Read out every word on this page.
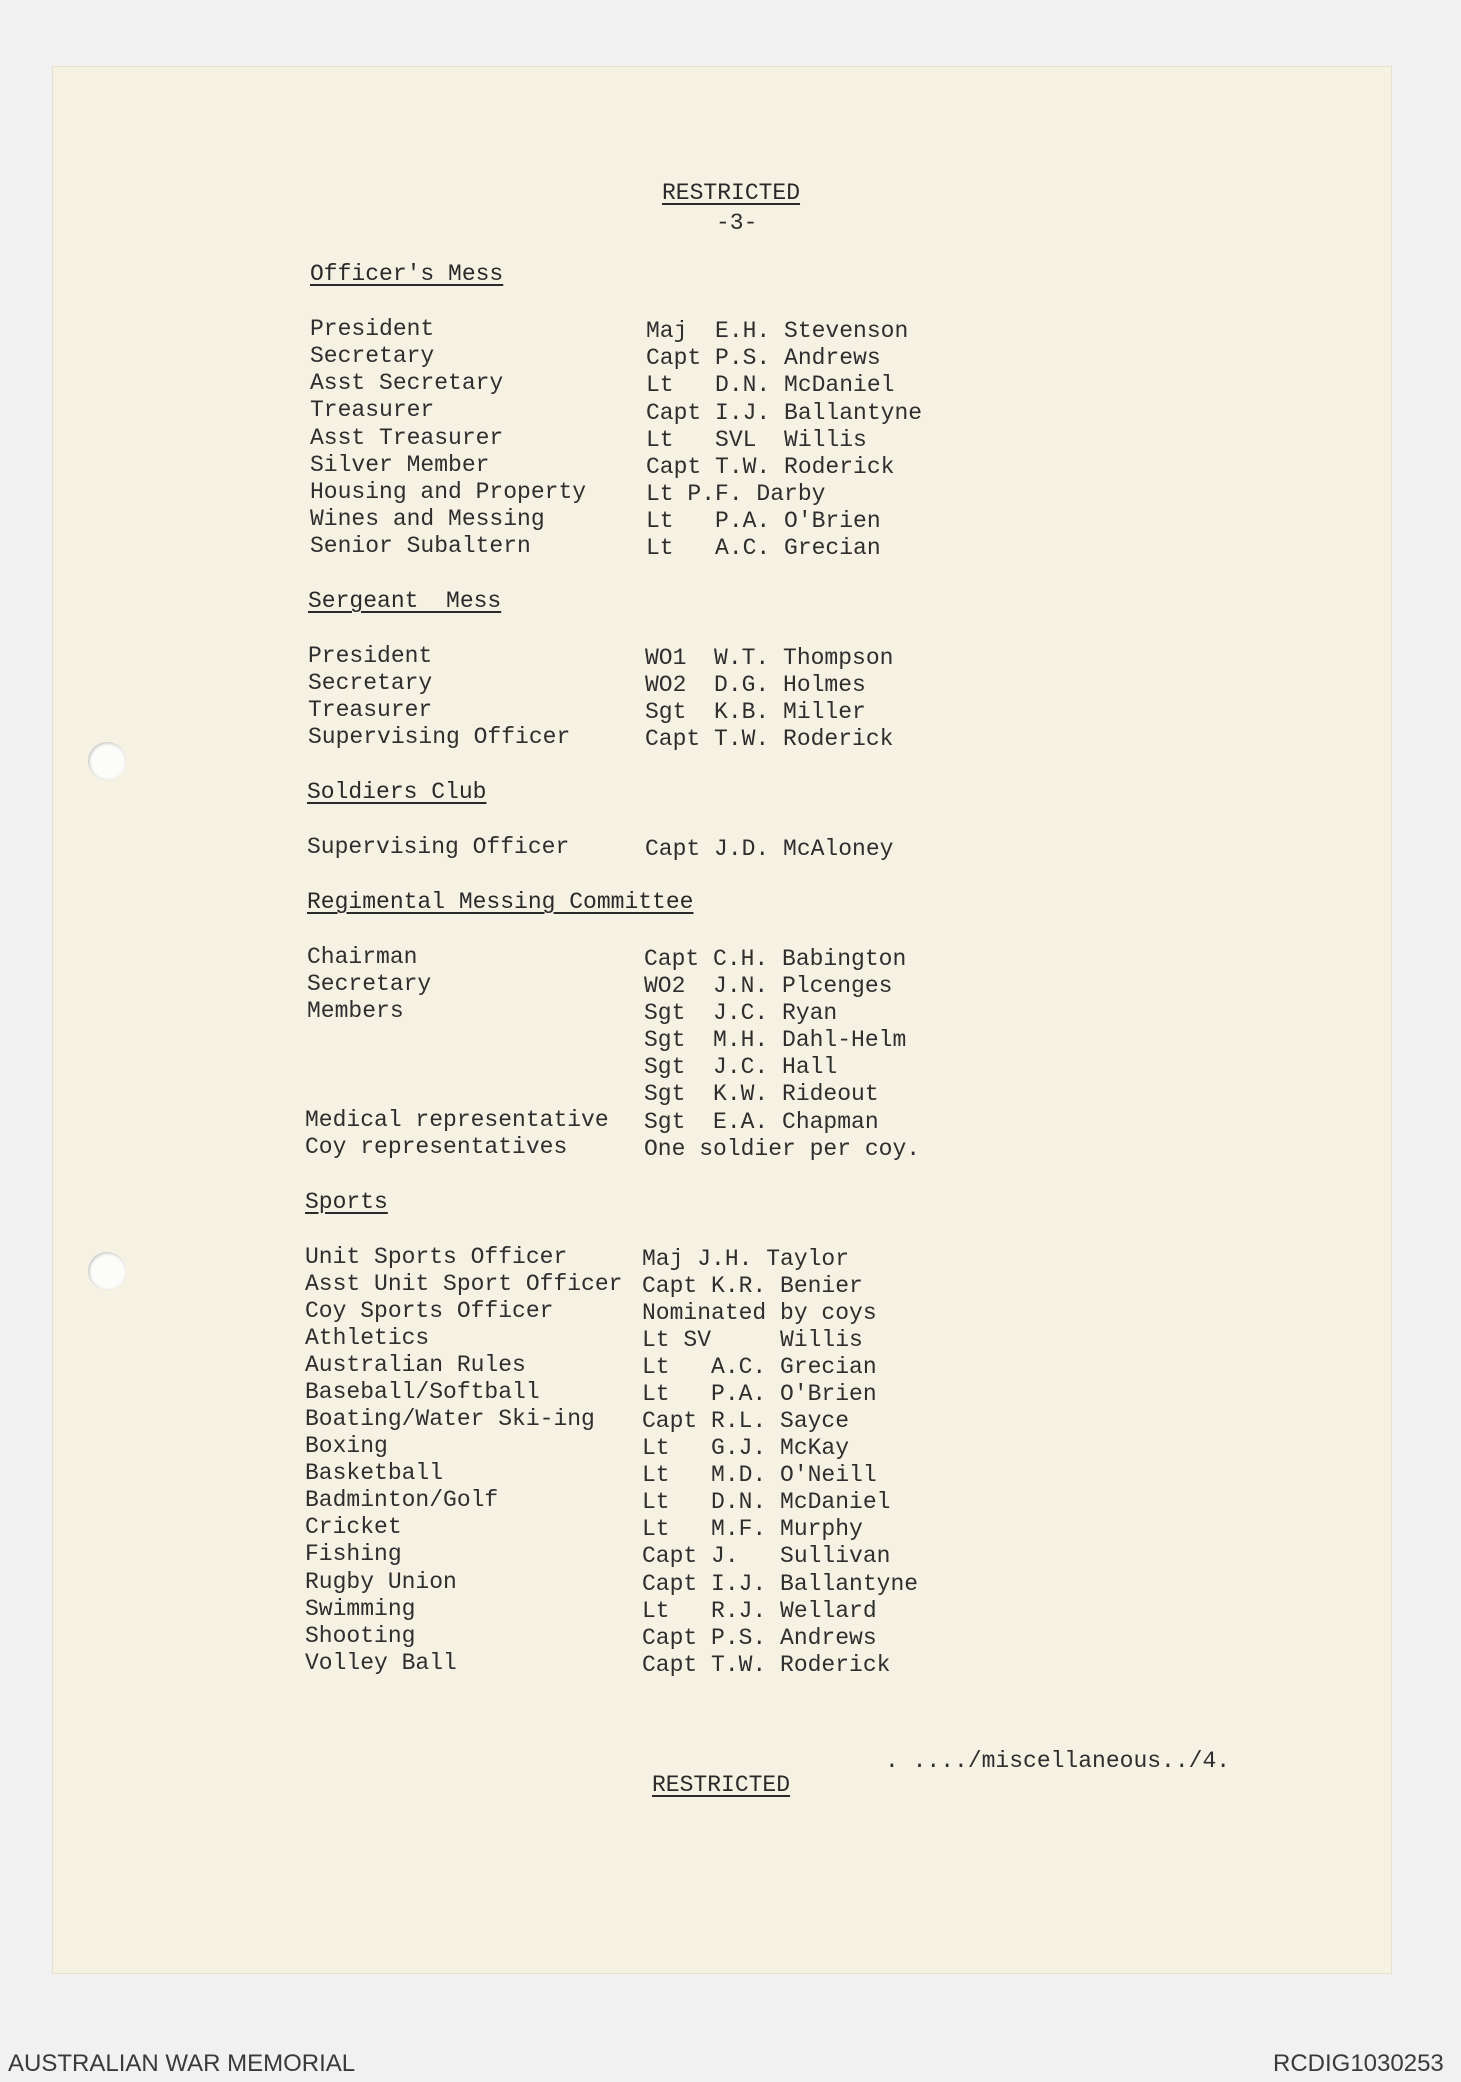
RESTRICTED
-3-
Officer's Mess
President	Maj  E.H. Stevenson
Secretary	Capt P.S. Andrews
Asst Secretary	Lt   D.N. McDaniel
Treasurer	Capt I.J. Ballantyne
Asst Treasurer	Lt   SVL  Willis
Silver Member	Capt T.W. Roderick
Housing and Property	Lt P.F. Darby
Wines and Messing	Lt   P.A. O'Brien
Senior Subaltern	Lt   A.C. Grecian
Sergeant  Mess
President	WO1  W.T. Thompson
Secretary	WO2  D.G. Holmes
Treasurer	Sgt  K.B. Miller
Supervising Officer	Capt T.W. Roderick
Soldiers Club
Supervising Officer	Capt J.D. McAloney
Regimental Messing Committee
Chairman	Capt C.H. Babington
Secretary	WO2  J.N. Plcenges
Members	Sgt  J.C. Ryan
Sgt  M.H. Dahl-Helm
Sgt  J.C. Hall
Sgt  K.W. Rideout
Medical representative Sgt  E.A. Chapman
Coy representatives	One soldier per coy.
Sports
Unit Sports Officer	Maj J.H. Taylor
Asst Unit Sport Officer Capt K.R. Benier
Coy Sports Officer	Nominated by coys
Athletics	Lt SV     Willis
Australian Rules	Lt   A.C. Grecian
Baseball/Softball	Lt   P.A. O'Brien
Boating/Water Ski-ing Capt R.L. Sayce
Boxing	Lt   G.J. McKay
Basketball	Lt   M.D. O'Neill
Badminton/Golf	Lt   D.N. McDaniel
Cricket	Lt   M.F. Murphy
Fishing	Capt J.   Sullivan
Rugby Union	Capt I.J. Ballantyne
Swimming	Lt   R.J. Wellard
Shooting	Capt P.S. Andrews
Volley Ball	Capt T.W. Roderick
. ..../miscellaneous../4.
RESTRICTED
AUSTRALIAN WAR MEMORIAL	RCDIG1030253
